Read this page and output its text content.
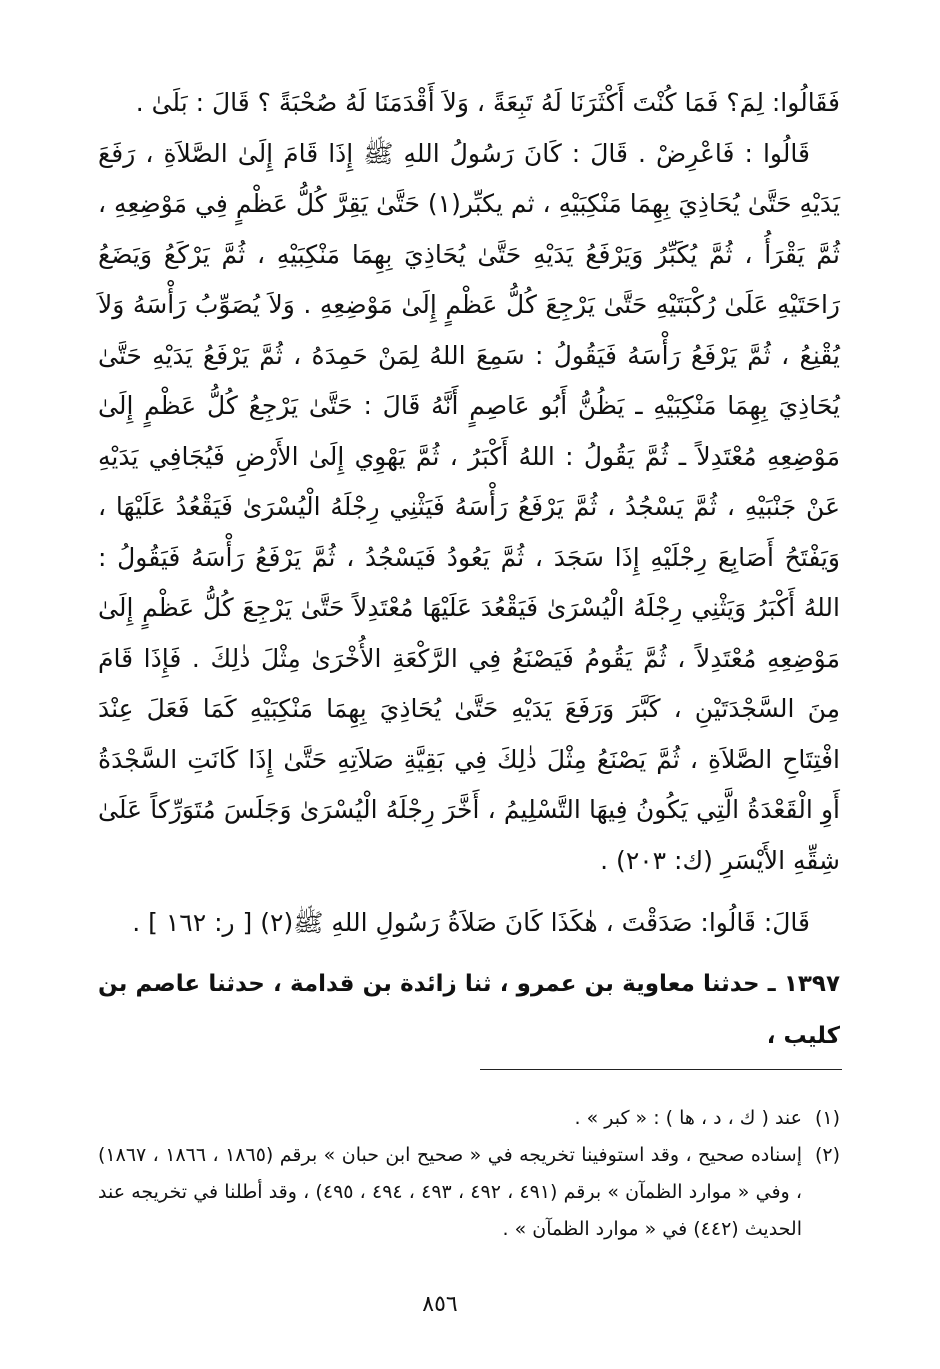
فَقَالُوا: لِمَ؟ فَمَا كُنْتَ أَكْثَرَنَا لَهُ تَبِعَةً ، وَلاَ أَقْدَمَنَا لَهُ صُحْبَةً ؟ قَالَ : بَلَىٰ .

قَالُوا : فَاعْرِضْ . قَالَ : كَانَ رَسُولُ اللهِ ﷺ إِذَا قَامَ إِلَىٰ الصَّلاَةِ ، رَفَعَ يَدَيْهِ حَتَّىٰ يُحَاذِيَ بِهِمَا مَنْكِبَيْهِ ، ثم يكبِّر(١) حَتَّىٰ يَقِرَّ كُلُّ عَظْمٍ فِي مَوْضِعِهِ ، ثُمَّ يَقْرَأُ ، ثُمَّ يُكَبِّرُ وَيَرْفَعُ يَدَيْهِ حَتَّىٰ يُحَاذِيَ بِهِمَا مَنْكِبَيْهِ ، ثُمَّ يَرْكَعُ وَيَضَعُ رَاحَتَيْهِ عَلَىٰ رُكْبَتَيْهِ حَتَّىٰ يَرْجِعَ كُلُّ عَظْمٍ إِلَىٰ مَوْضِعِهِ . وَلاَ يُصَوِّبُ رَأْسَهُ وَلاَ يُقْنِعُ ، ثُمَّ يَرْفَعُ رَأْسَهُ فَيَقُولُ : سَمِعَ اللهُ لِمَنْ حَمِدَهُ ، ثُمَّ يَرْفَعُ يَدَيْهِ حَتَّىٰ يُحَاذِيَ بِهِمَا مَنْكِبَيْهِ ـ يَظُنُّ أَبُو عَاصِمٍ أَنَّهُ قَالَ : حَتَّىٰ يَرْجِعُ كُلُّ عَظْمٍ إِلَىٰ مَوْضِعِهِ مُعْتَدِلاً ـ ثُمَّ يَقُولُ : اللهُ أَكْبَرُ ، ثُمَّ يَهْوِي إِلَىٰ الأَرْضِ فَيُجَافِي يَدَيْهِ عَنْ جَنْبَيْهِ ، ثُمَّ يَسْجُدُ ، ثُمَّ يَرْفَعُ رَأْسَهُ فَيَثْنِي رِجْلَهُ الْيُسْرَىٰ فَيَقْعُدُ عَلَيْهَا ، وَيَفْتَحُ أَصَابِعَ رِجْلَيْهِ إِذَا سَجَدَ ، ثُمَّ يَعُودُ فَيَسْجُدُ ، ثُمَّ يَرْفَعُ رَأْسَهُ فَيَقُولُ : اللهُ أَكْبَرُ وَيَثْنِي رِجْلَهُ الْيُسْرَىٰ فَيَقْعُدَ عَلَيْهَا مُعْتَدِلاً حَتَّىٰ يَرْجِعَ كُلُّ عَظْمٍ إِلَىٰ مَوْضِعِهِ مُعْتَدِلاً ، ثُمَّ يَقُومُ فَيَصْنَعُ فِي الرَّكْعَةِ الأُخْرَىٰ مِثْلَ ذٰلِكَ . فَإِذَا قَامَ مِنَ السَّجْدَتَيْنِ ، كَبَّرَ وَرَفَعَ يَدَيْهِ حَتَّىٰ يُحَاذِيَ بِهِمَا مَنْكِبَيْهِ كَمَا فَعَلَ عِنْدَ افْتِتَاحِ الصَّلاَةِ ، ثُمَّ يَصْنَعُ مِثْلَ ذٰلِكَ فِي بَقِيَّةِ صَلاَتِهِ حَتَّىٰ إِذَا كَانَتِ السَّجْدَةُ أَوِ الْقَعْدَةُ الَّتِي يَكُونُ فِيهَا التَّسْلِيمُ ، أَخَّرَ رِجْلَهُ الْيُسْرَىٰ وَجَلَسَ مُتَوَرِّكاً عَلَىٰ شِقِّهِ الأَيْسَرِ (ك: ٢٠٣) .

قَالَ: قَالُوا: صَدَقْتَ ، هٰكَذَا كَانَ صَلاَةُ رَسُولِ اللهِ ﷺ(٢) [ ر: ١٦٢ ] .

١٣٩٧ ـ حدثنا معاوية بن عمرو ، ثنا زائدة بن قدامة ، حدثنا عاصم بن كليب ،
(١)
عند ( ك ، د ، ها ) : « كبر » .
(٢)
إسناده صحيح ، وقد استوفينا تخريجه في « صحيح ابن حبان » برقم (١٨٦٥ ، ١٨٦٦ ، ١٨٦٧) ، وفي « موارد الظمآن » برقم (٤٩١ ، ٤٩٢ ، ٤٩٣ ، ٤٩٤ ، ٤٩٥) ، وقد أطلنا في تخريجه عند الحديث (٤٤٢) في « موارد الظمآن » .
٨٥٦
